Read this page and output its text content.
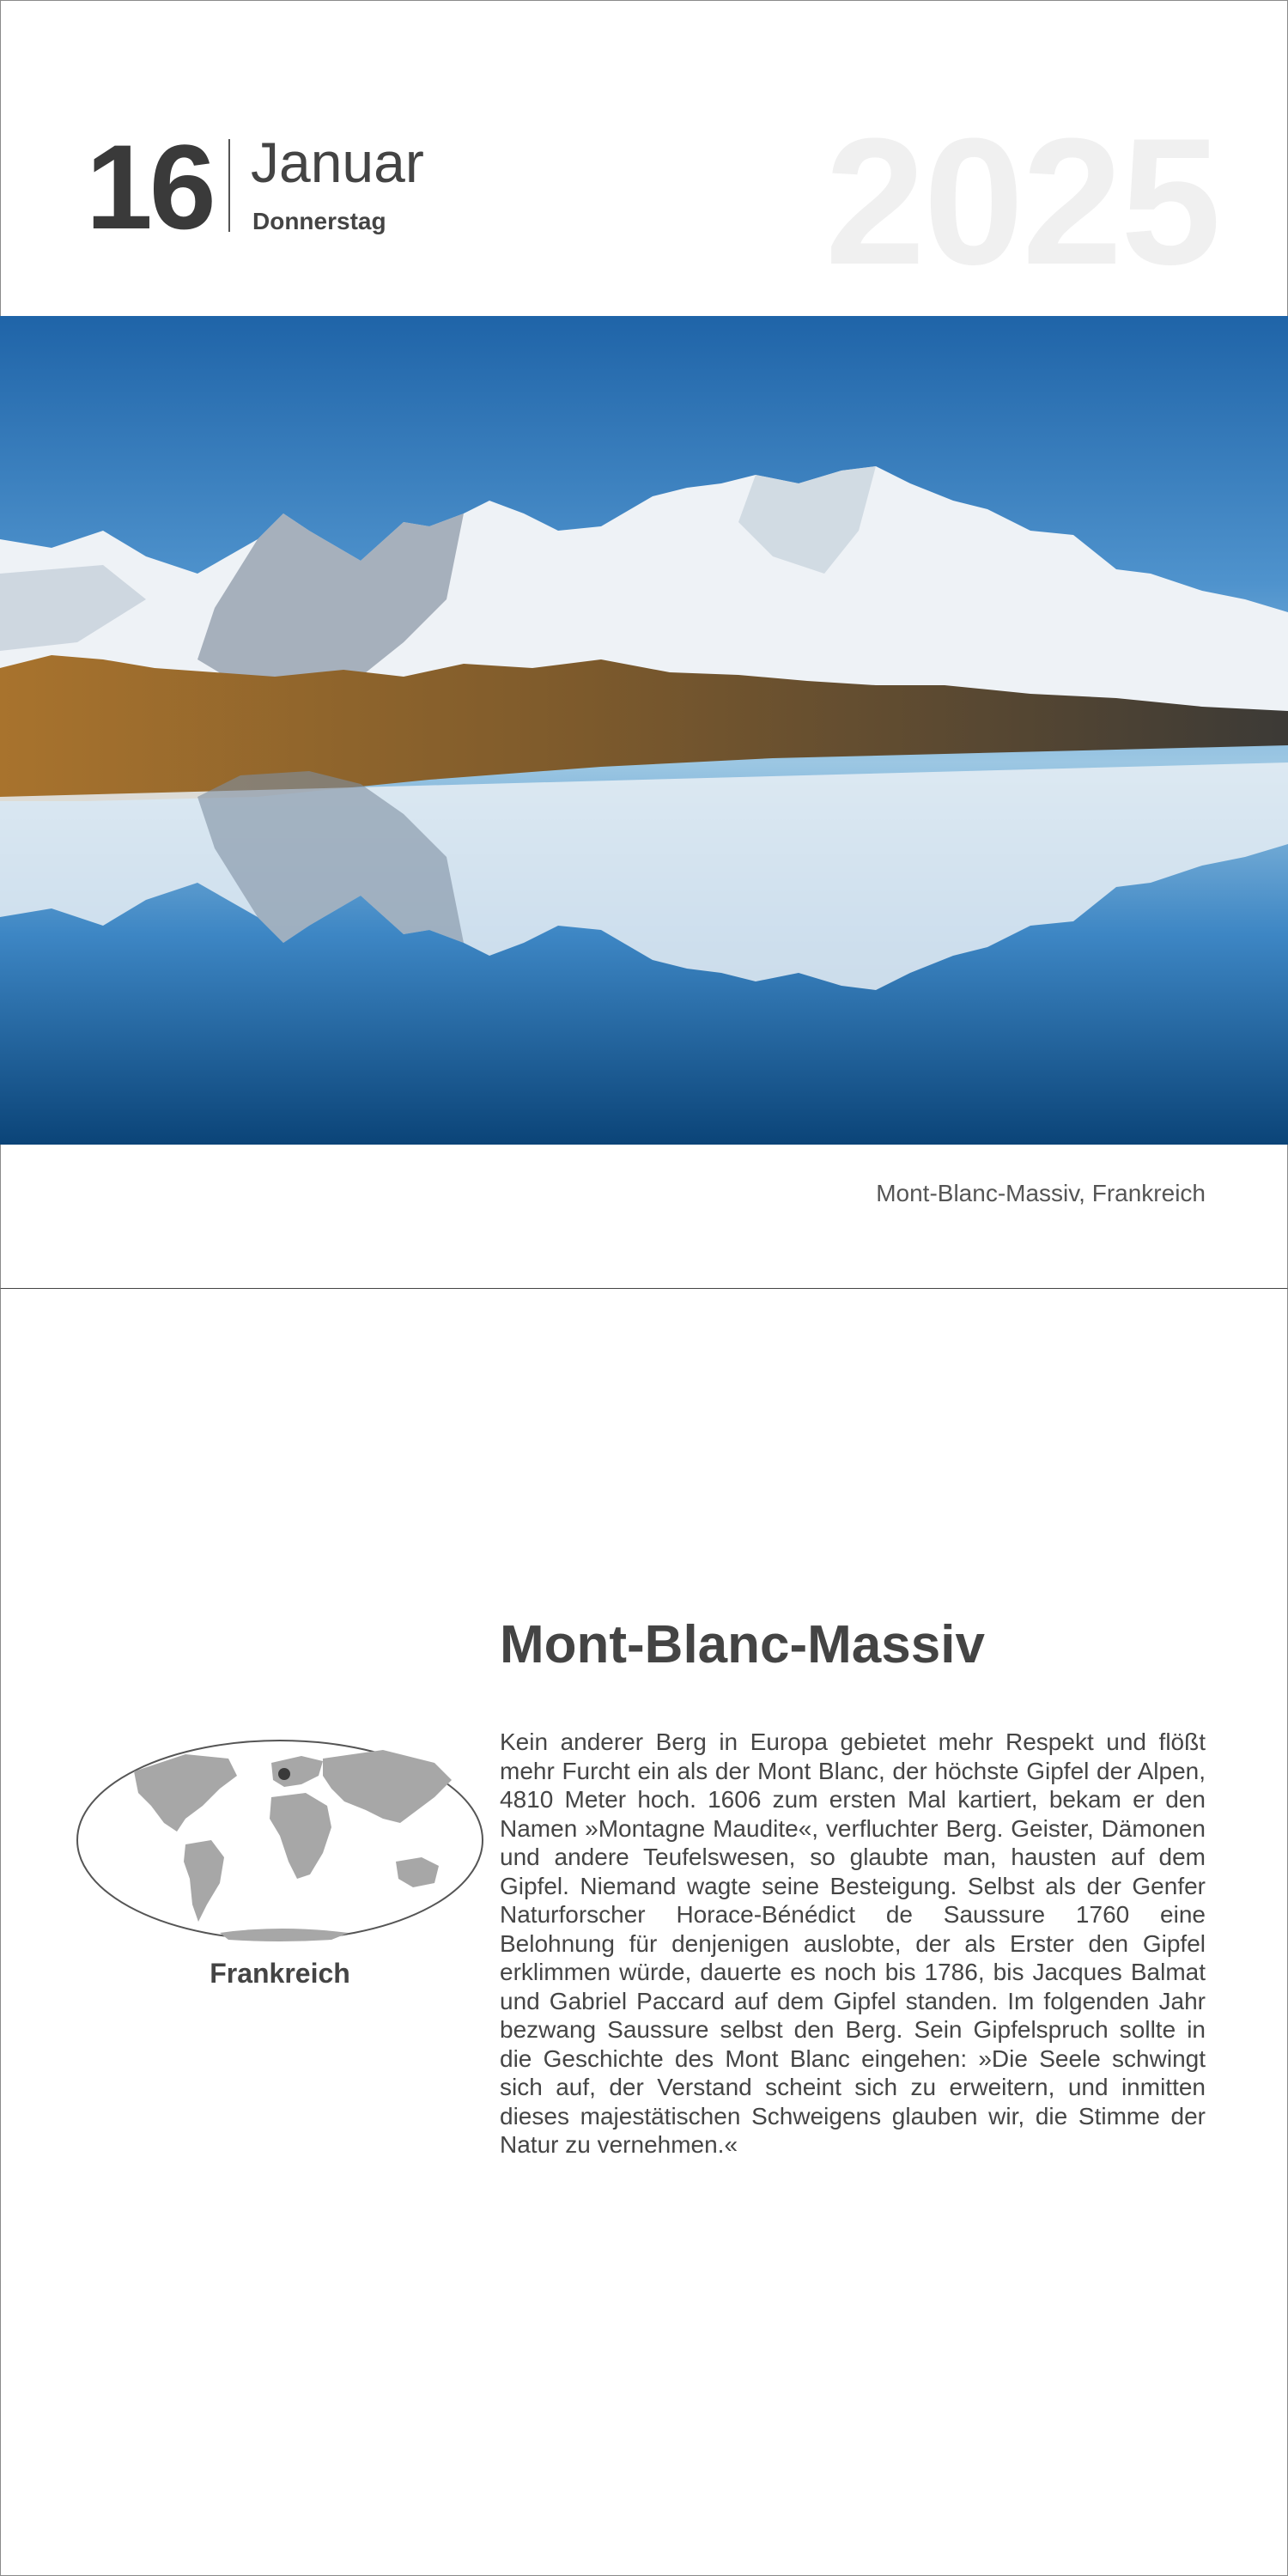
16 Januar
Donnerstag 2025
Mont-Blanc-Massiv, Frankreich
Frankreich
Mont-Blanc-Massiv

Kein anderer Berg in Europa gebietet mehr Respekt und flößt mehr Furcht ein als der Mont Blanc, der höchste Gipfel der Alpen, 4810 Meter hoch. 1606 zum ersten Mal kartiert, bekam er den Namen »Montagne Maudite«, verfluchter Berg. Geister, Dämonen und andere Teufelswesen, so glaubte man, hausten auf dem Gipfel. Niemand wagte seine Besteigung. Selbst als der Genfer Naturforscher Horace-Bénédict de Saussure 1760 eine Belohnung für denjenigen auslobte, der als Erster den Gipfel erklimmen würde, dauerte es noch bis 1786, bis Jacques Balmat und Gabriel Paccard auf dem Gipfel standen. Im folgenden Jahr bezwang Saussure selbst den Berg. Sein Gipfelspruch sollte in die Geschichte des Mont Blanc eingehen: »Die Seele schwingt sich auf, der Verstand scheint sich zu erweitern, und inmitten dieses majestätischen Schweigens glauben wir, die Stimme der Natur zu vernehmen.«
